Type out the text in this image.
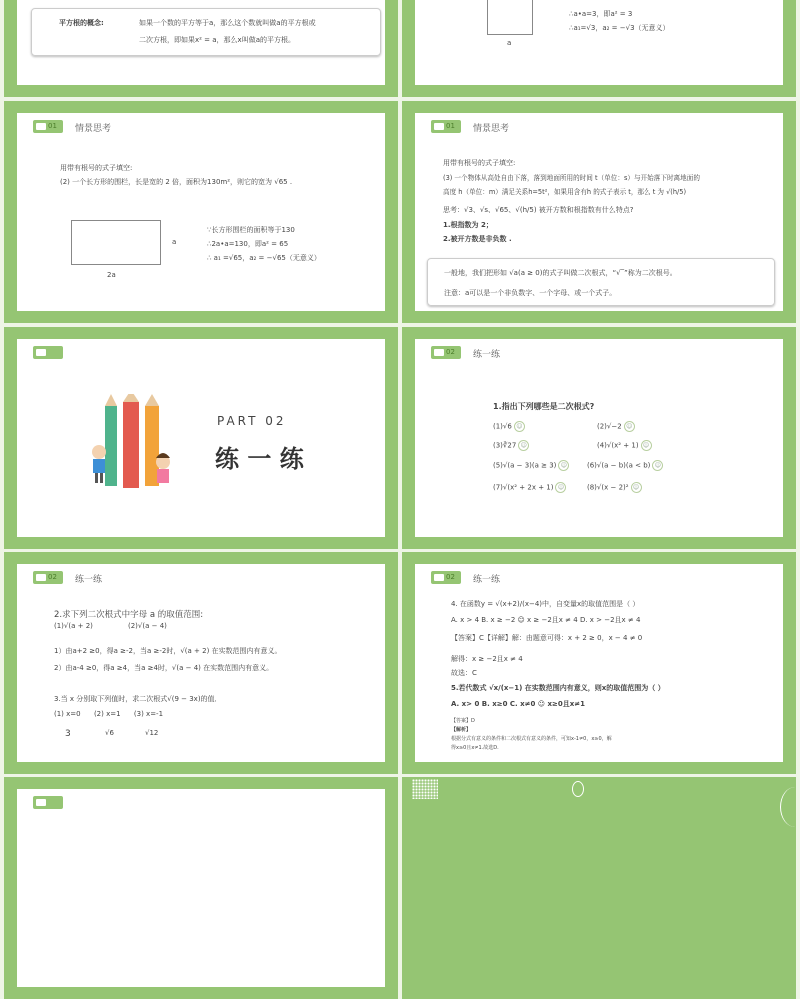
平方根的概念:	如果一个数的平方等于a，那么这个数就叫做a的平方根或
二次方根，即如果x² = a，那么x叫做a的平方根。	a
∴a•a=3，即a² = 3
∴a₁=√3，a₂ = −√3（无意义）
01	情景思考
用带有根号的式子填空:
(2) 一个长方形的围栏，长是宽的 2 倍，面积为130m²，则它的宽为 √65 .
a
2a
∵长方形围栏的面积等于130
∴2a•a=130，即a² = 65
∴ a₁ =√65，a₂ = −√65（无意义）
01	情景思考
用带有根号的式子填空:
(3) 一个物体从高处自由下落，落到地面所用的时间 t（单位：s）与开始落下时离地面的
高度 h（单位：m）满足关系h=5t²，如果用含有h 的式子表示 t，那么 t 为 √(h/5)
思考：√3、√s、√65、√(h/5) 被开方数和根指数有什么特点?
1.根指数为 2；
2.被开方数是非负数 .
一般地，我们把形如 √a(a ≥ 0)的式子叫做二次根式，“√‾”称为二次根号。
注意：a可以是一个非负数字、一个字母、或一个式子。
PART 02
练 一 练
02	练一练
1.指出下列哪些是二次根式?
(1)√6 ☺	(2)√−2 ☺
(3)∛27 ☺	(4)√(x² + 1) ☺
(5)√(a − 3)(a ≥ 3) ☺	(6)√(a − b)(a < b) ☺
(7)√(x² + 2x + 1) ☺	(8)√(x − 2)² ☺
02	练一练
2.求下列二次根式中字母 a 的取值范围:
(1)√(a + 2)	(2)√(a − 4)
1）由a+2 ≥0，得a ≥-2，当a ≥-2时，√(a + 2) 在实数范围内有意义。
2）由a-4 ≥0，得a ≥4，当a ≥4时，√(a − 4) 在实数范围内有意义。
3.当 x 分别取下列值时，求二次根式√(9 − 3x)的值．
(1) x=0      (2) x=1      (3) x=-1
3	√6	√12
02	练一练
4. 在函数y = √(x+2)/(x−4)中，自变量x的取值范围是（ ）
A. x > 4 B. x ≥ −2 ☺ x ≥ −2且x ≠ 4 D. x > −2且x ≠ 4
【答案】C【详解】解：由题意可得：x + 2 ≥ 0，x − 4 ≠ 0
解得：x ≥ −2且x ≠ 4
故选：C
5.若代数式 √x/(x−1) 在实数范围内有意义，则x的取值范围为（ ）
A. x> 0 B. x≥0 C. x≠0 ☺ x≥0且x≠1
【答案】D
【解析】
根据分式有意义的条件和二次根式有意义的条件，可知x-1≠0，x≥0，解
得x≥0且x≠1.故选D.
